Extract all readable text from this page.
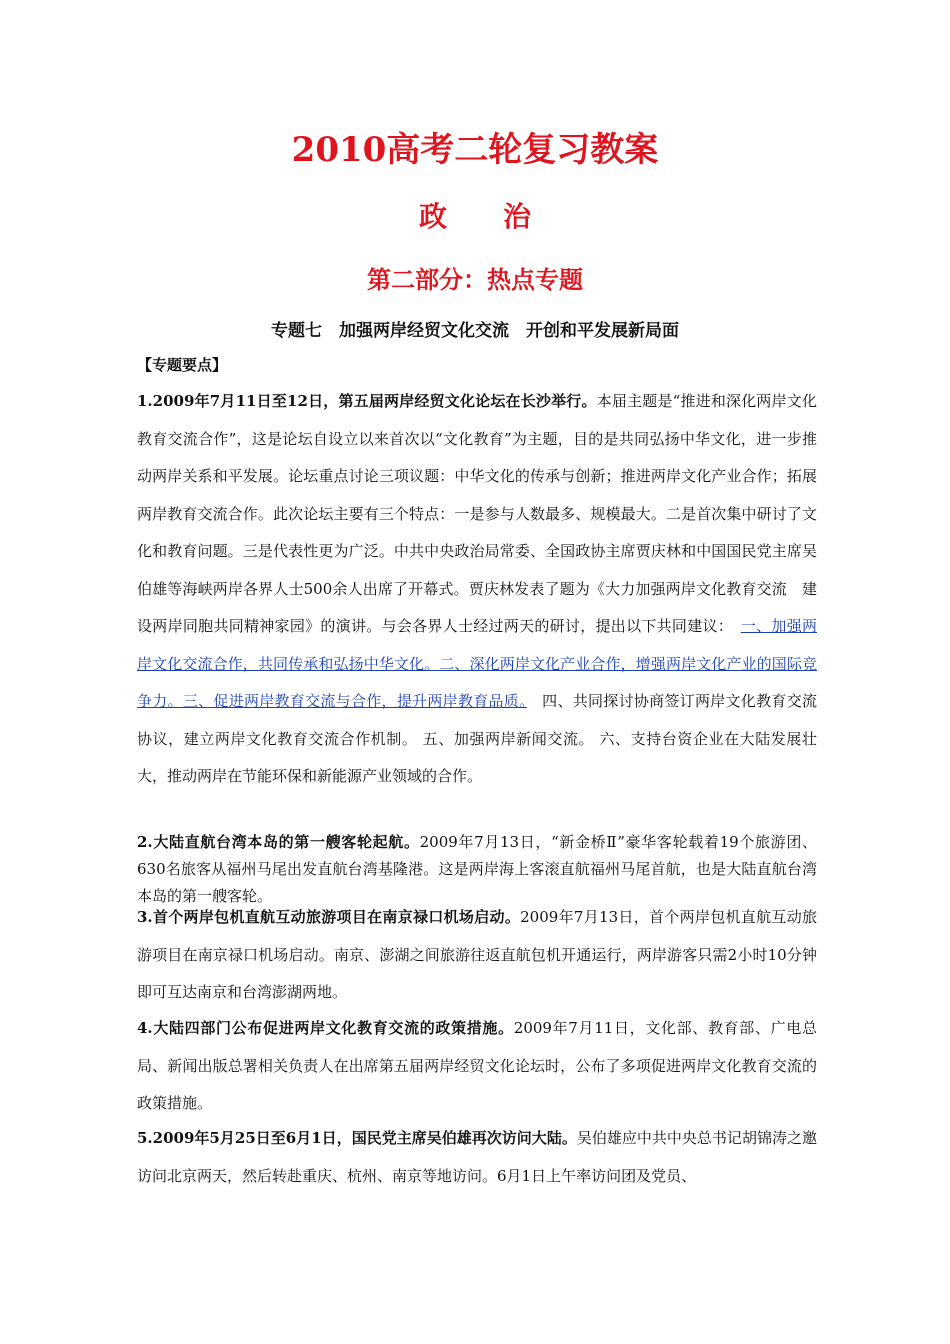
2010高考二轮复习教案
政　　治
第二部分：热点专题
专题七　加强两岸经贸文化交流　开创和平发展新局面
【专题要点】
1.2009年7月11日至12日，第五届两岸经贸文化论坛在长沙举行。本届主题是“推进和深化两岸文化教育交流合作”，这是论坛自设立以来首次以“文化教育”为主题，目的是共同弘扬中华文化，进一步推动两岸关系和平发展。论坛重点讨论三项议题：中华文化的传承与创新；推进两岸文化产业合作；拓展两岸教育交流合作。此次论坛主要有三个特点：一是参与人数最多、规模最大。二是首次集中研讨了文化和教育问题。三是代表性更为广泛。中共中央政治局常委、全国政协主席贾庆林和中国国民党主席吴伯雄等海峡两岸各界人士500余人出席了开幕式。贾庆林发表了题为《大力加强两岸文化教育交流　建设两岸同胞共同精神家园》的演讲。与会各界人士经过两天的研讨，提出以下共同建议：　一、加强两岸文化交流合作，共同传承和弘扬中华文化。二、深化两岸文化产业合作，增强两岸文化产业的国际竞争力。三、促进两岸教育交流与合作，提升两岸教育品质。　四、共同探讨协商签订两岸文化教育交流协议，建立两岸文化教育交流合作机制。 五、加强两岸新闻交流。 六、支持台资企业在大陆发展壮大，推动两岸在节能环保和新能源产业领域的合作。
2.大陆直航台湾本岛的第一艘客轮起航。2009年7月13日，“新金桥Ⅱ”豪华客轮载着19个旅游团、630名旅客从福州马尾出发直航台湾基隆港。这是两岸海上客滚直航福州马尾首航，也是大陆直航台湾本岛的第一艘客轮。
3.首个两岸包机直航互动旅游项目在南京禄口机场启动。2009年7月13日，首个两岸包机直航互动旅游项目在南京禄口机场启动。南京、澎湖之间旅游往返直航包机开通运行，两岸游客只需2小时10分钟即可互达南京和台湾澎湖两地。
4.大陆四部门公布促进两岸文化教育交流的政策措施。2009年7月11日，文化部、教育部、广电总局、新闻出版总署相关负责人在出席第五届两岸经贸文化论坛时，公布了多项促进两岸文化教育交流的政策措施。
5.2009年5月25日至6月1日，国民党主席吴伯雄再次访问大陆。吴伯雄应中共中央总书记胡锦涛之邀访问北京两天，然后转赴重庆、杭州、南京等地访问。6月1日上午率访问团及党员、
